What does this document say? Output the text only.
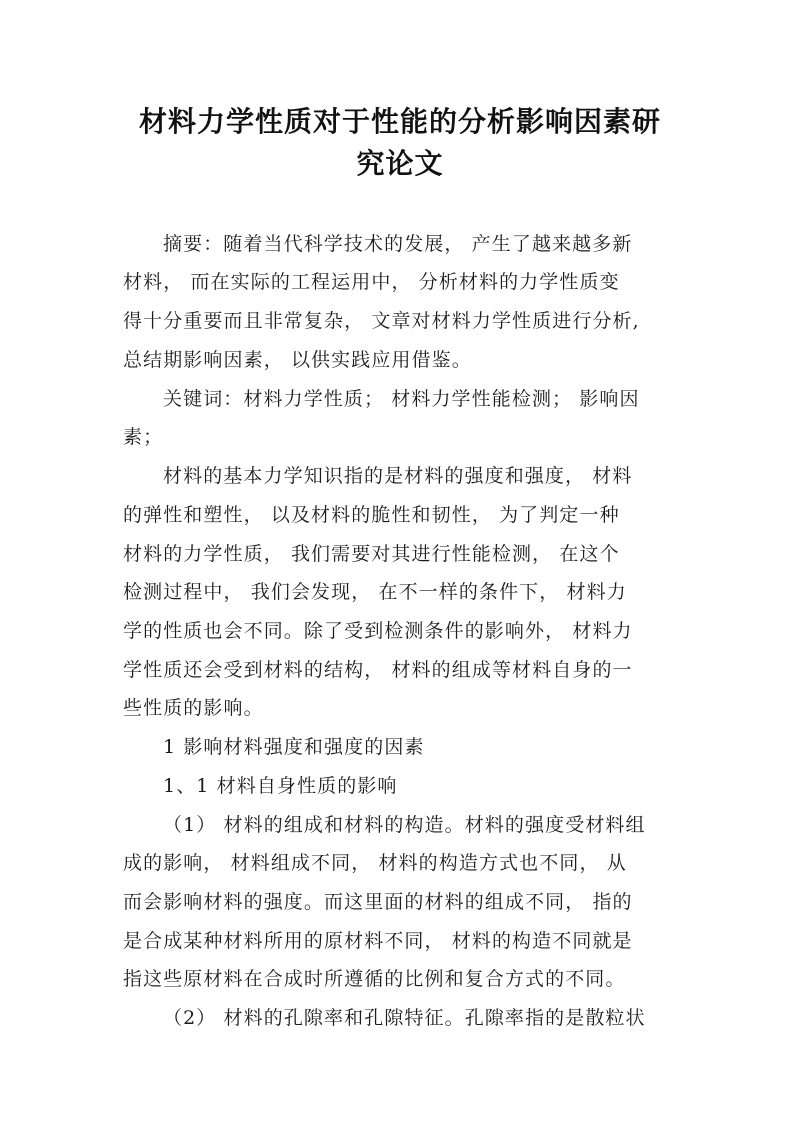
材料力学性质对于性能的分析影响因素研
究论文
摘要：随着当代科学技术的发展， 产生了越来越多新
材料， 而在实际的工程运用中， 分析材料的力学性质变
得十分重要而且非常复杂， 文章对材料力学性质进行分析,
总结期影响因素， 以供实践应用借鉴。
关键词：材料力学性质； 材料力学性能检测； 影响因
素；
材料的基本力学知识指的是材料的强度和强度， 材料
的弹性和塑性， 以及材料的脆性和韧性， 为了判定一种
材料的力学性质， 我们需要对其进行性能检测， 在这个
检测过程中， 我们会发现， 在不一样的条件下， 材料力
学的性质也会不同。除了受到检测条件的影响外， 材料力
学性质还会受到材料的结构， 材料的组成等材料自身的一
些性质的影响。
1 影响材料强度和强度的因素
1、1 材料自身性质的影响
（1） 材料的组成和材料的构造。材料的强度受材料组
成的影响， 材料组成不同， 材料的构造方式也不同， 从
而会影响材料的强度。而这里面的材料的组成不同， 指的
是合成某种材料所用的原材料不同， 材料的构造不同就是
指这些原材料在合成时所遵循的比例和复合方式的不同。
（2） 材料的孔隙率和孔隙特征。孔隙率指的是散粒状
